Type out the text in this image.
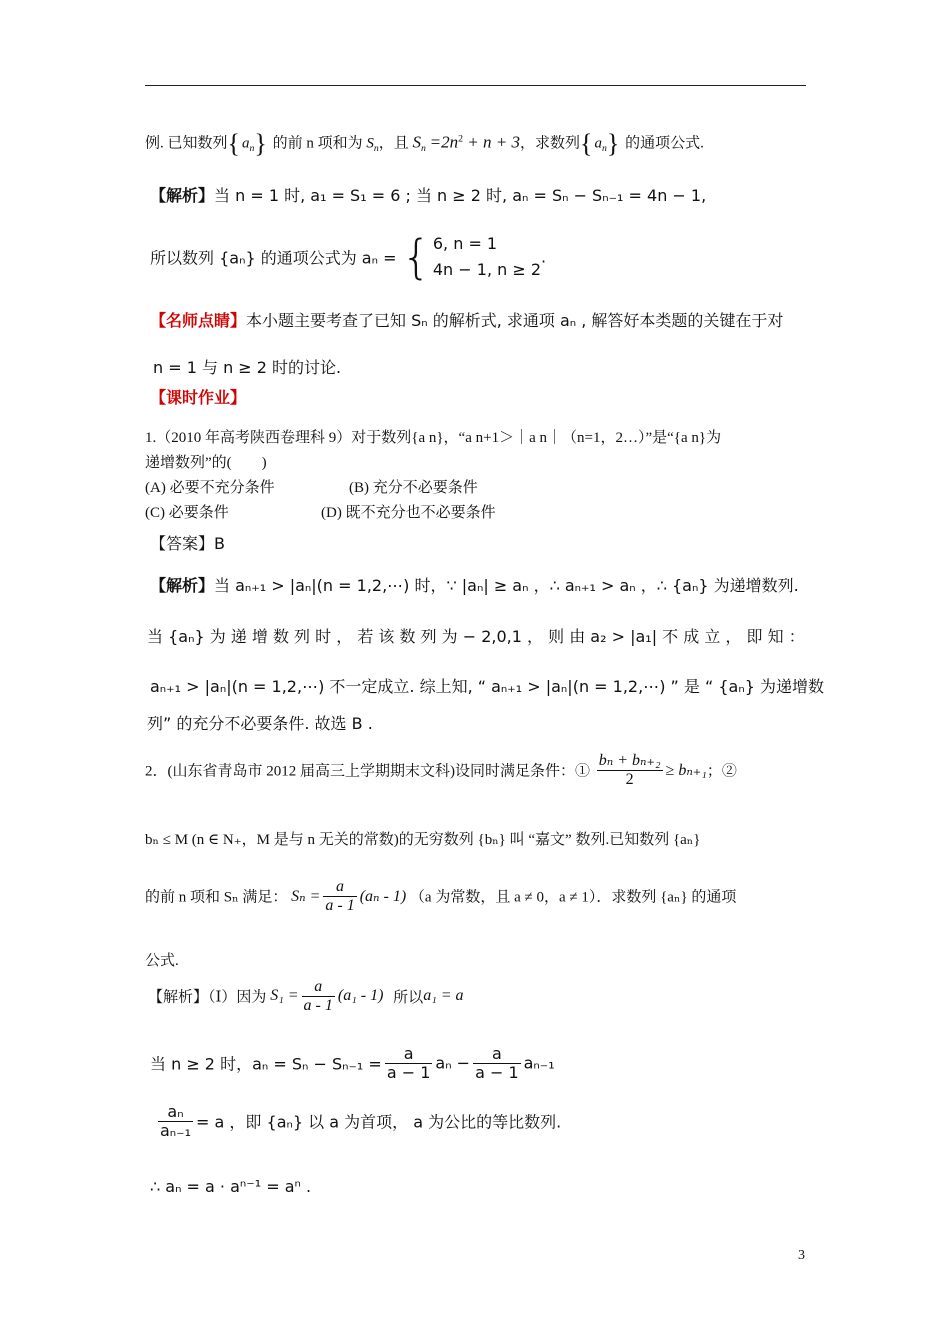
例. 已知数列{ $a_n$} 的前 n 项和为 $S_n$，且 $S_n =2n^2 + n + 3$，求数列{ $a_n$} 的通项公式.
【解析】当 n = 1 时, a₁ = S₁ = 6 ; 当 n ≥ 2 时, aₙ = Sₙ − Sₙ₋₁ = 4n − 1,
所以数列 {aₙ} 的通项公式为 aₙ = { 6, n = 1
4n − 1, n ≥ 2
.
【名师点睛】本小题主要考查了已知 Sₙ 的解析式, 求通项 aₙ , 解答好本类题的关键在于对
n = 1 与 n ≥ 2 时的讨论.
【课时作业】
1.（2010 年高考陕西卷理科 9）对于数列{a n}，“a n+1＞｜a n｜（n=1，2…）”是“{a n}为
递增数列”的(　　)
(A) 必要不充分条件	(B) 充分不必要条件
(C) 必要条件	(D) 既不充分也不必要条件
【答案】B
【解析】当 aₙ₊₁ > |aₙ|(n = 1,2,⋯) 时，∵ |aₙ| ≥ aₙ ，∴ aₙ₊₁ > aₙ ，∴ {aₙ} 为递增数列.
当 {aₙ} 为 递 增 数 列 时 ， 若 该 数 列 为 − 2,0,1 ， 则 由 a₂ > |a₁| 不 成 立 ， 即 知 ：
aₙ₊₁ > |aₙ|(n = 1,2,⋯) 不一定成立. 综上知, “ aₙ₊₁ > |aₙ|(n = 1,2,⋯) ” 是 “ {aₙ} 为递增数
列” 的充分不必要条件. 故选 B .
2．(山东省青岛市 2012 届高三上学期期末文科)设同时满足条件：① $\frac{\text{bₙ + bₙ₊₂}}{2} \ge b_{n+1}$；②
bₙ ≤ M (n ∈ N₊，M 是与 n 无关的常数)的无穷数列 {bₙ} 叫 “嘉文” 数列.已知数列 {aₙ}
的前 n 项和 Sₙ 满足： $S_n = \frac{a}{a - 1} (a_n - 1)$ （a 为常数，且 a ≠ 0，a ≠ 1）．求数列 {aₙ} 的通项
公式.
【解析】（Ⅰ）因为 $S_1 = \frac{a}{a - 1} (a_1 - 1)$ 所以a₁ = a
当 n ≥ 2 时，$a_n = S_n - S_{n-1} = \frac{a}{a - 1}$ $a_n - \frac{a}{a - 1} a_{n-1}$
$\frac{\text{aₙ}}{\text{aₙ₋₁}} = a$ ，即 {aₙ} 以 a 为首项， a 为公比的等比数列.
∴ aₙ = a · aⁿ⁻¹ = aⁿ .
3
